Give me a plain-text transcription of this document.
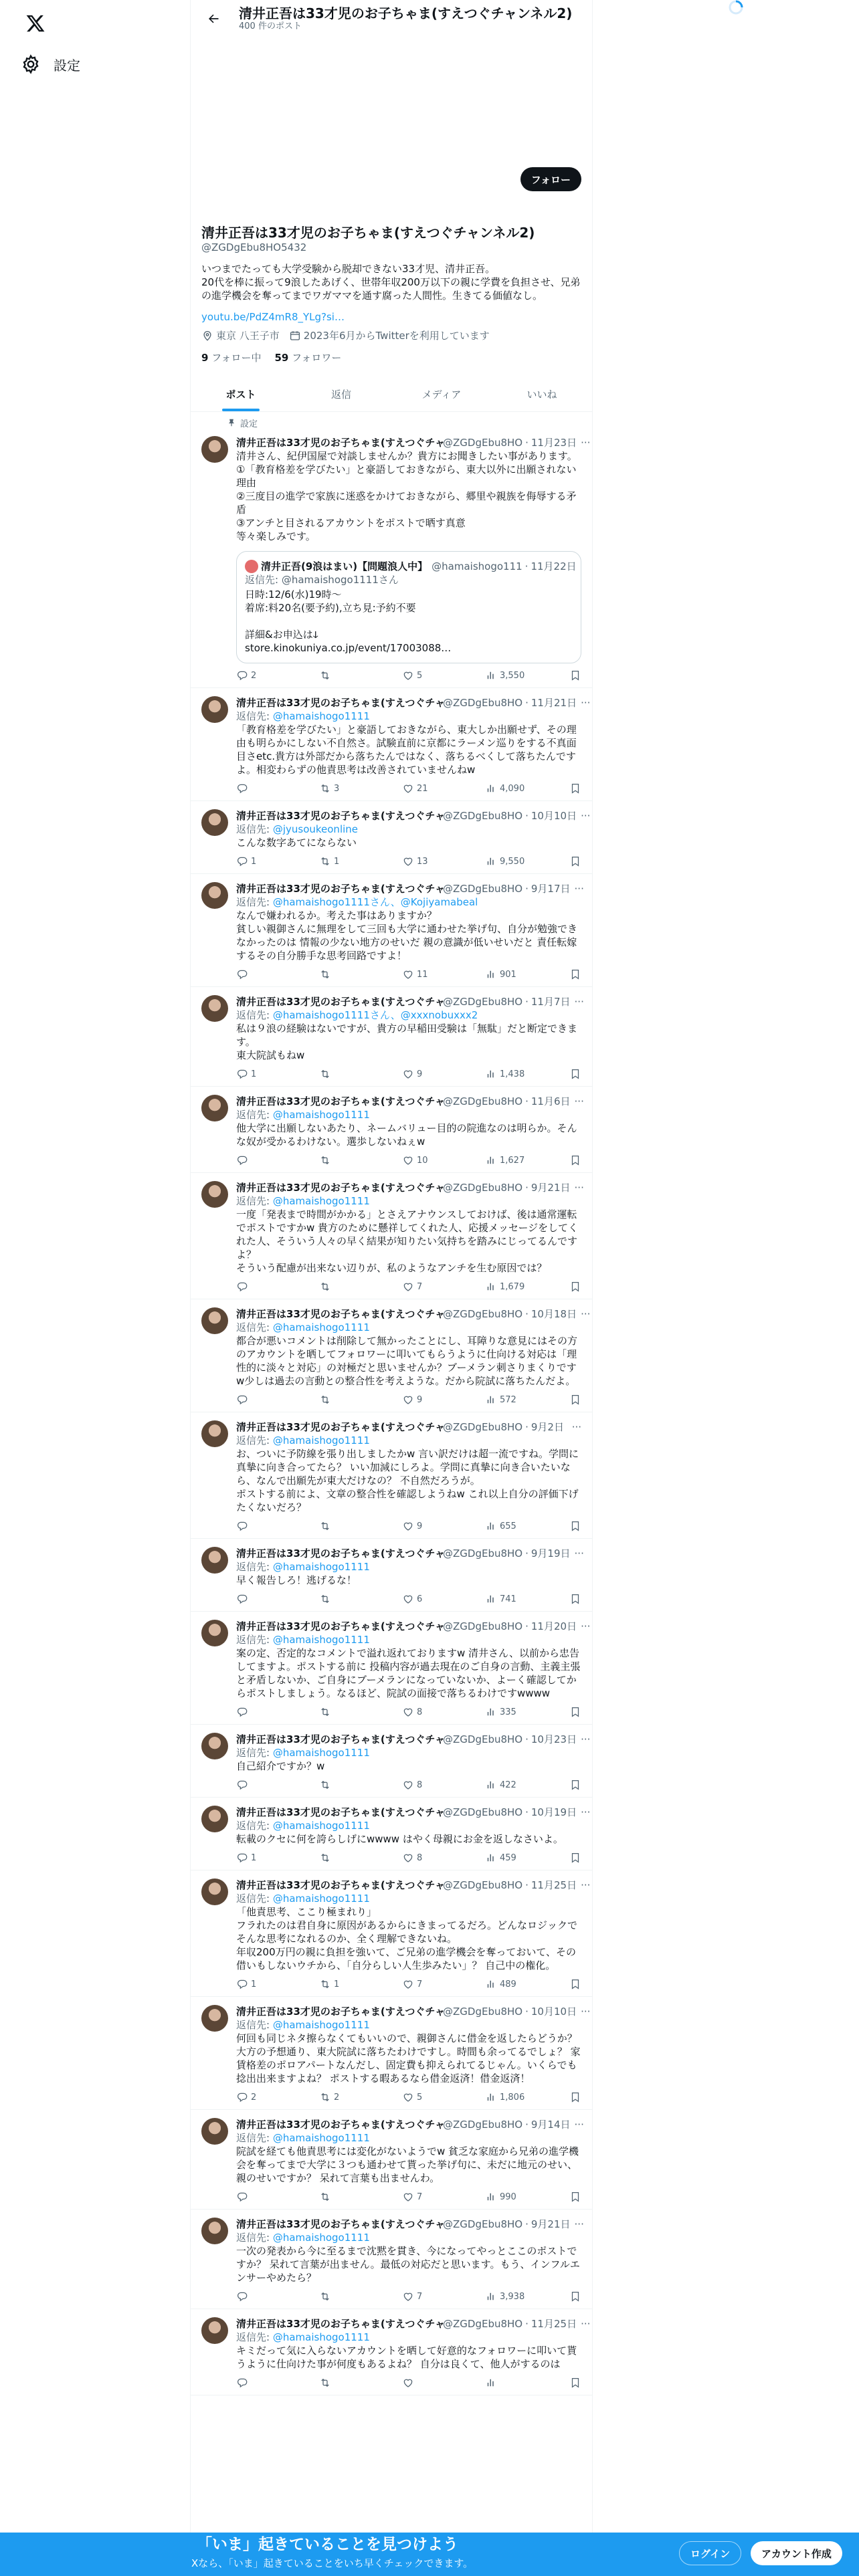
設定
清井正吾は33才児のお子ちゃま(すえつぐチャンネル2)
400 件のポスト
フォロー
清井正吾は33才児のお子ちゃま(すえつぐチャンネル2)
@ZGDgEbu8HO5432
いつまでたっても大学受験から脱却できない33才児、清井正吾。
20代を棒に振って9浪したあげく、世帯年収200万以下の親に学費を負担させ、兄弟の進学機会を奪ってまでワガママを通す腐った人間性。生きてる価値なし。
youtu.be/PdZ4mR8_YLg?si…
東京 八王子市 2023年6月からTwitterを利用しています
9 フォロー中 59 フォロワー
ポスト	返信	メディア	いいね
設定
清井正吾は33才児のお子ちゃま(すえつぐチャ
@ZGDgEbu8HO · 11月23日 ···
清井さん、紀伊国屋で対談しませんか？貴方にお聞きしたい事があります。
①「教育格差を学びたい」と豪語しておきながら、東大以外に出願されない理由
②三度目の進学で家族に迷惑をかけておきながら、郷里や親族を侮辱する矛盾
③アンチと目されるアカウントをポストで晒す真意
等々楽しみです。
清井正吾(9浪はまい)【問題浪人中】 @hamaishogo111 · 11月22日
返信先: @hamaishogo1111さん
日時:12/6(水)19時〜
着席:料20名(要予約),立ち見:予約不要

詳細&お申込はↆ
store.kinokuniya.co.jp/event/17003088…
2	5	3,550
清井正吾は33才児のお子ちゃま(すえつぐチャ
@ZGDgEbu8HO · 11月21日 ···
返信先: @hamaishogo1111
「教育格差を学びたい」と豪語しておきながら、東大しか出願せず、その理由も明らかにしない不自然さ。試験直前に京都にラーメン巡りをする不真面目さetc.貴方は外部だから落ちたんではなく、落ちるべくして落ちたんですよ。相変わらずの他責思考は改善されていませんねw
3	21	4,090
清井正吾は33才児のお子ちゃま(すえつぐチャ
@ZGDgEbu8HO · 10月10日 ···
返信先: @jyusoukeonline
こんな数字あてにならない
1	1	13	9,550
清井正吾は33才児のお子ちゃま(すえつぐチャ
@ZGDgEbu8HO · 9月17日 ···
返信先: @hamaishogo1111さん、@Kojiyamabeal
なんで嫌われるか。考えた事はありますか？
貧しい親御さんに無理をして三回も大学に通わせた挙げ句、自分が勉強できなかったのは 情報の少ない地方のせいだ 親の意識が低いせいだと 責任転嫁するその自分勝手な思考回路ですよ！
11	901
清井正吾は33才児のお子ちゃま(すえつぐチャ
@ZGDgEbu8HO · 11月7日 ···
返信先: @hamaishogo1111さん、@xxxnobuxxx2
私は９浪の経験はないですが、貴方の早稲田受験は「無駄」だと断定できます。
東大院試もねw
1	9	1,438
清井正吾は33才児のお子ちゃま(すえつぐチャ
@ZGDgEbu8HO · 11月6日 ···
返信先: @hamaishogo1111
他大学に出願しないあたり、ネームバリュー目的の院進なのは明らか。そんな奴が受かるわけない。選歩しないねぇw
10	1,627
清井正吾は33才児のお子ちゃま(すえつぐチャ
@ZGDgEbu8HO · 9月21日 ···
返信先: @hamaishogo1111
一度「発表まで時間がかかる」とさえアナウンスしておけば、後は通常運転でポストですかw 貴方のために懸祥してくれた人、応援メッセージをしてくれた人、そういう人々の早く結果が知りたい気持ちを踏みにじってるんですよ？
そういう配慮が出来ない辺りが、私のようなアンチを生む原因では？
7	1,679
清井正吾は33才児のお子ちゃま(すえつぐチャ
@ZGDgEbu8HO · 10月18日 ···
返信先: @hamaishogo1111
都合が悪いコメントは削除して無かったことにし、耳障りな意見にはその方のアカウントを晒してフォロワーに叩いてもらうように仕向ける対応は「理性的に淡々と対応」の対極だと思いませんか？ブーメラン刺さりまくりですw少しは過去の言動との整合性を考えような。だから院試に落ちたんだよ。
9	572
清井正吾は33才児のお子ちゃま(すえつぐチャ
@ZGDgEbu8HO · 9月2日 ···
返信先: @hamaishogo1111
お、ついに予防線を張り出しましたかw 言い訳だけは超一流ですね。学問に真摯に向き合ってたら？ いい加減にしろよ。学問に真摯に向き合いたいなら、なんで出願先が東大だけなの？ 不自然だろうが。
ポストする前によ、文章の整合性を確認しようねw これ以上自分の評価下げたくないだろ？
9	655
清井正吾は33才児のお子ちゃま(すえつぐチャ
@ZGDgEbu8HO · 9月19日 ···
返信先: @hamaishogo1111
早く報告しろ！逃げるな！
6	741
清井正吾は33才児のお子ちゃま(すえつぐチャ
@ZGDgEbu8HO · 11月20日 ···
返信先: @hamaishogo1111
案の定、否定的なコメントで溢れ返れておりますw 清井さん、以前から忠告してますよ。ポストする前に 投稿内容が過去現在のご自身の言動、主義主張と矛盾しないか、ご自身にブーメランになっていないか、よーく確認してからポストしましょう。なるほど、院試の面接で落ちるわけですwwww
8	335
清井正吾は33才児のお子ちゃま(すえつぐチャ
@ZGDgEbu8HO · 10月23日 ···
返信先: @hamaishogo1111
自己紹介ですか？w
8	422
清井正吾は33才児のお子ちゃま(すえつぐチャ
@ZGDgEbu8HO · 10月19日 ···
返信先: @hamaishogo1111
転載のクセに何を誇らしげにwwww はやく母親にお金を返しなさいよ。
1	8	459
清井正吾は33才児のお子ちゃま(すえつぐチャ
@ZGDgEbu8HO · 11月25日 ···
返信先: @hamaishogo1111
「他責思考、ここり極まれり」
フラれたのは君自身に原因があるからにきまってるだろ。どんなロジックでそんな思考になれるのか、全く理解できないね。
年収200万円の親に負担を強いて、ご兄弟の進学機会を奪っておいて、その借いもしないウチから、「自分らしい人生歩みたい」？ 自己中の権化。
1	1	7	489
清井正吾は33才児のお子ちゃま(すえつぐチャ
@ZGDgEbu8HO · 10月10日 ···
返信先: @hamaishogo1111
何回も同じネタ擦らなくてもいいので、親御さんに借金を返したらどうか？ 大方の予想通り、東大院試に落ちたわけですし。時間も余ってるでしょ？ 家賃格差のポロアパートなんだし、固定費も抑えられてるじゃん。いくらでも捻出出来ますよね？ ポストする暇あるなら借金返済！借金返済！
2	2	5	1,806
清井正吾は33才児のお子ちゃま(すえつぐチャ
@ZGDgEbu8HO · 9月14日 ···
返信先: @hamaishogo1111
院試を経ても他責思考には変化がないようでw 貧乏な家庭から兄弟の進学機会を奪ってまで大学に３つも通わせて貰った挙げ句に、未だに地元のせい、親のせいですか？ 呆れて言葉も出ませんわ。
7	990
清井正吾は33才児のお子ちゃま(すえつぐチャ
@ZGDgEbu8HO · 9月21日 ···
返信先: @hamaishogo1111
一次の発表から今に至るまで沈黙を貫き、今になってやっとここのポストですか？ 呆れて言葉が出ません。最低の対応だと思います。もう、インフルエンサーやめたら？
7	3,938
清井正吾は33才児のお子ちゃま(すえつぐチャ
@ZGDgEbu8HO · 11月25日 ···
返信先: @hamaishogo1111
キミだって気に入らないアカウントを晒して好意的なフォロワーに叩いて貰うように仕向けた事が何度もあるよね？ 自分は良くて、他人がするのは
「いま」起きていることを見つけよう
Xなら、「いま」起きていることをいち早くチェックできます。
ログイン	アカウント作成
